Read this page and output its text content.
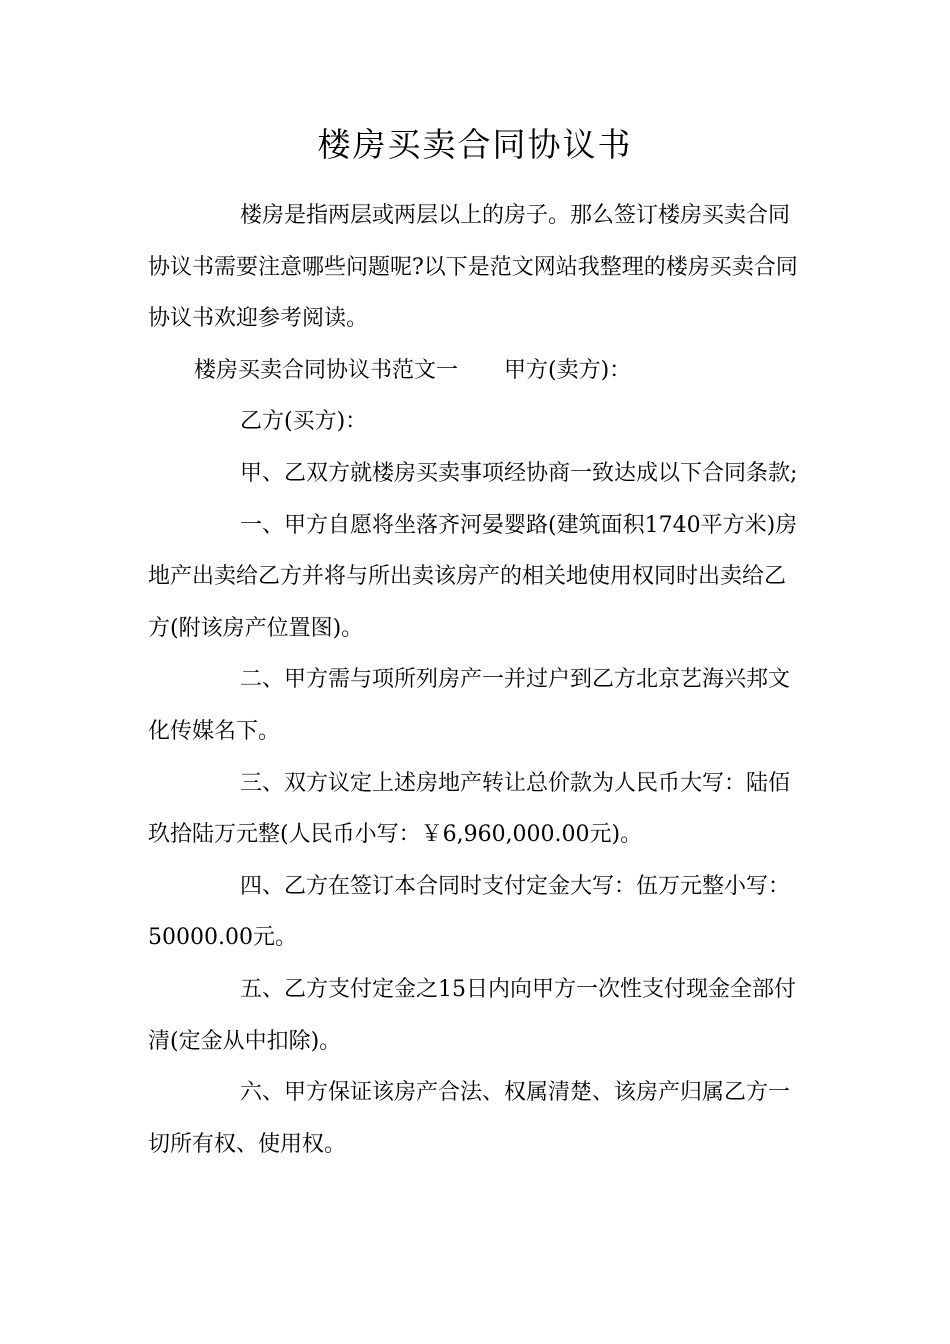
楼房买卖合同协议书

楼房是指两层或两层以上的房子。那么签订楼房买卖合同协议书需要注意哪些问题呢?以下是范文网站我整理的楼房买卖合同协议书欢迎参考阅读。

楼房买卖合同协议书范文一 甲方(卖方)：

乙方(买方)：

甲、乙双方就楼房买卖事项经协商一致达成以下合同条款;

一、甲方自愿将坐落齐河晏婴路(建筑面积1740平方米)房地产出卖给乙方并将与所出卖该房产的相关地使用权同时出卖给乙方(附该房产位置图)。

二、甲方需与项所列房产一并过户到乙方北京艺海兴邦文化传媒名下。

三、双方议定上述房地产转让总价款为人民币大写：陆佰玖拾陆万元整(人民币小写：￥6,960,000.00元)。

四、乙方在签订本合同时支付定金大写：伍万元整小写：50000.00元。

五、乙方支付定金之15日内向甲方一次性支付现金全部付清(定金从中扣除)。

六、甲方保证该房产合法、权属清楚、该房产归属乙方一切所有权、使用权。
